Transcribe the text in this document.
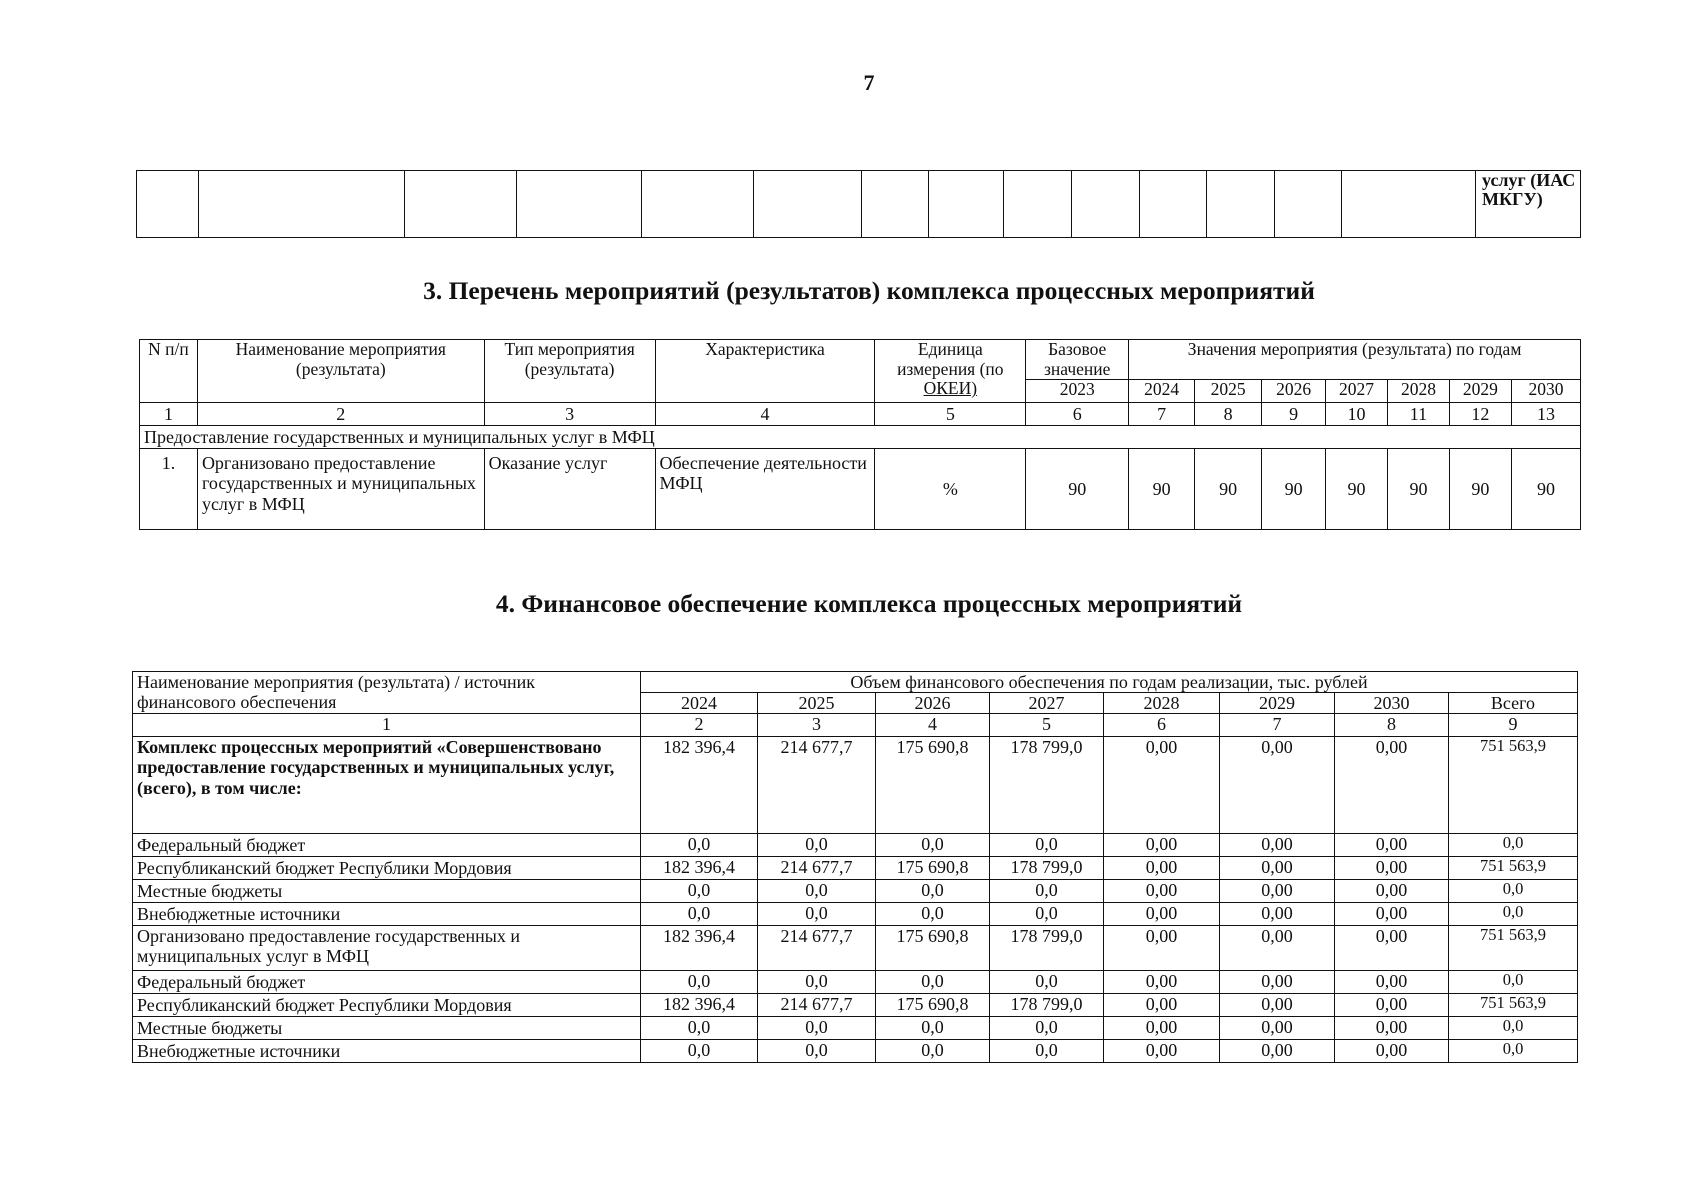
7
														услуг (ИАС МКГУ)
3. Перечень мероприятий (результатов) комплекса процессных мероприятий
N п/п	Наименование мероприятия (результата)	Тип мероприятия (результата)	Характеристика	Единица измерения (по ОКЕИ)	Базовое значение	Значения мероприятия (результата) по годам						
					2023	2024	2025	2026	2027	2028	2029	2030
1	2	3	4	5	6	7	8	9	10	11	12	13
Предоставление государственных и муниципальных услуг в МФЦ												
1.	Организовано предоставление государственных и муниципальных услуг в МФЦ	Оказание услуг	Обеспечение деятельности МФЦ	%	90	90	90	90	90	90	90	90
4. Финансовое обеспечение комплекса процессных мероприятий
Наименование мероприятия (результата) / источник финансового обеспечения	Объем финансового обеспечения по годам реализации, тыс. рублей							
	2024	2025	2026	2027	2028	2029	2030	Всего
1	2	3	4	5	6	7	8	9
Комплекс процессных мероприятий «Совершенствовано предоставление государственных и муниципальных услуг, (всего), в том числе:	182 396,4	214 677,7	175 690,8	178 799,0	0,00	0,00	0,00	751 563,9
Федеральный бюджет	0,0	0,0	0,0	0,0	0,00	0,00	0,00	0,0
Республиканский бюджет Республики Мордовия	182 396,4	214 677,7	175 690,8	178 799,0	0,00	0,00	0,00	751 563,9
Местные бюджеты	0,0	0,0	0,0	0,0	0,00	0,00	0,00	0,0
Внебюджетные источники	0,0	0,0	0,0	0,0	0,00	0,00	0,00	0,0
Организовано предоставление государственных и муниципальных услуг в МФЦ	182 396,4	214 677,7	175 690,8	178 799,0	0,00	0,00	0,00	751 563,9
Федеральный бюджет	0,0	0,0	0,0	0,0	0,00	0,00	0,00	0,0
Республиканский бюджет Республики Мордовия	182 396,4	214 677,7	175 690,8	178 799,0	0,00	0,00	0,00	751 563,9
Местные бюджеты	0,0	0,0	0,0	0,0	0,00	0,00	0,00	0,0
Внебюджетные источники	0,0	0,0	0,0	0,0	0,00	0,00	0,00	0,0
